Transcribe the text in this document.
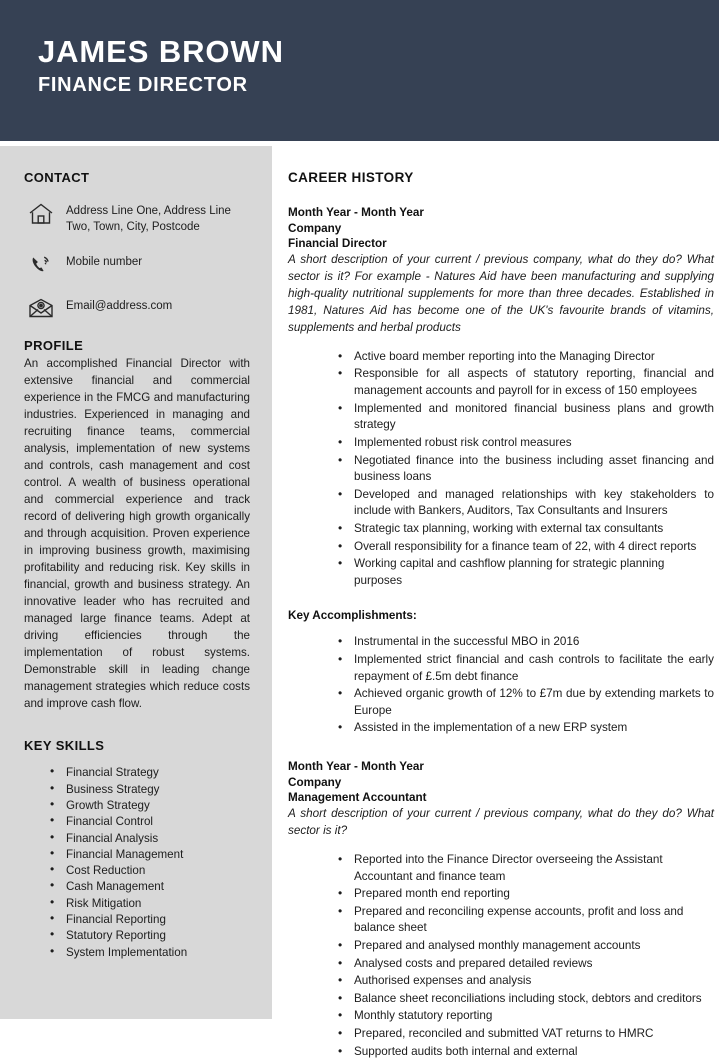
JAMES BROWN
FINANCE DIRECTOR
CONTACT
Address Line One, Address Line Two, Town, City, Postcode
Mobile number
Email@address.com
PROFILE

An accomplished Financial Director with extensive financial and commercial experience in the FMCG and manufacturing industries. Experienced in managing and recruiting finance teams, commercial analysis, implementation of new systems and controls, cash management and cost control. A wealth of business operational and commercial experience and track record of delivering high growth organically and through acquisition. Proven experience in improving business growth, maximising profitability and reducing risk. Key skills in financial, growth and business strategy. An innovative leader who has recruited and managed large finance teams. Adept at driving efficiencies through the implementation of robust systems. Demonstrable skill in leading change management strategies which reduce costs and improve cash flow.

KEY SKILLS
• Financial Strategy
• Business Strategy
• Growth Strategy
• Financial Control
• Financial Analysis
• Financial Management
• Cost Reduction
• Cash Management
• Risk Mitigation
• Financial Reporting
• Statutory Reporting
• System Implementation
CAREER HISTORY
Month Year - Month Year
Company
Financial Director

A short description of your current / previous company, what do they do? What sector is it? For example - Natures Aid have been manufacturing and supplying high-quality nutritional supplements for more than three decades. Established in 1981, Natures Aid has become one of the UK's favourite brands of vitamins, supplements and herbal products

• Active board member reporting into the Managing Director
• Responsible for all aspects of statutory reporting, financial and management accounts and payroll for in excess of 150 employees
• Implemented and monitored financial business plans and growth strategy
• Implemented robust risk control measures
• Negotiated finance into the business including asset financing and business loans
• Developed and managed relationships with key stakeholders to include with Bankers, Auditors, Tax Consultants and Insurers
• Strategic tax planning, working with external tax consultants
• Overall responsibility for a finance team of 22, with 4 direct reports
• Working capital and cashflow planning for strategic planning purposes
Key Accomplishments:
• Instrumental in the successful MBO in 2016
• Implemented strict financial and cash controls to facilitate the early repayment of £.5m debt finance
• Achieved organic growth of 12% to £7m due by extending markets to Europe
• Assisted in the implementation of a new ERP system
Month Year - Month Year
Company
Management Accountant

A short description of your current / previous company, what do they do? What sector is it?

• Reported into the Finance Director overseeing the Assistant Accountant and finance team
• Prepared month end reporting
• Prepared and reconciling expense accounts, profit and loss and balance sheet
• Prepared and analysed monthly management accounts
• Analysed costs and prepared detailed reviews
• Authorised expenses and analysis
• Balance sheet reconciliations including stock, debtors and creditors
• Monthly statutory reporting
• Prepared, reconciled and submitted VAT returns to HMRC
• Supported audits both internal and external
